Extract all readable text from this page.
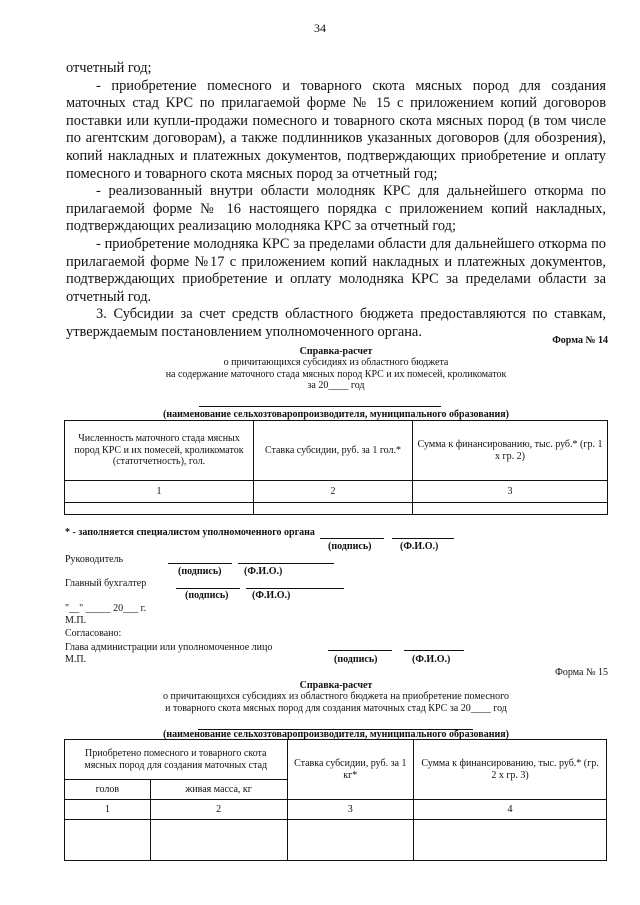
34

отчетный год;

- приобретение помесного и товарного скота мясных пород для создания маточных стад КРС по прилагаемой форме № 15 с приложением копий договоров поставки или купли-продажи помесного и товарного скота мясных пород (в том числе по агентским договорам), а также подлинников указанных договоров (для обозрения), копий накладных и платежных документов, подтверждающих приобретение и оплату помесного и товарного скота мясных пород за отчетный год;

- реализованный внутри области молодняк КРС для дальнейшего откорма по прилагаемой форме № 16 настоящего порядка с приложением копий накладных, подтверждающих реализацию молодняка КРС за отчетный год;

- приобретение молодняка КРС за пределами области для дальнейшего откорма по прилагаемой форме №17 с приложением копий накладных и платежных документов, подтверждающих приобретение и оплату молодняка КРС за пределами области за отчетный год.

3. Субсидии за счет средств областного бюджета предоставляются по ставкам, утверждаемым постановлением уполномоченного органа.

Форма № 14
Справка-расчет
о причитающихся субсидиях из областного бюджета
на содержание маточного стада мясных пород КРС и их помесей, кроликоматок
за 20____ год
(наименование сельхозтоваропроизводителя, муниципального образования)
Численность маточного стада мясных пород КРС и их помесей, кроликоматок (статотчетность), гол.	Ставка субсидии, руб. за 1 гол.*	Сумма к финансированию, тыс. руб.* (гр. 1 х гр. 2)
1	2	3

* - заполняется специалистом уполномоченного органа
(подпись)	(Ф.И.О.)
Руководитель
(подпись) (Ф.И.О.)
Главный бухгалтер
(подпись) (Ф.И.О.)
"__" _____ 20___ г.
М.П.
Согласовано:
Глава администрации или уполномоченное лицо
М.П.	(подпись)	(Ф.И.О.)
Форма № 15
Справка-расчет
о причитающихся субсидиях из областного бюджета на приобретение помесного
и товарного скота мясных пород для создания маточных стад КРС за 20____ год
(наименование сельхозтоваропроизводителя, муниципального образования)
Приобретено помесного и товарного скота мясных пород для создания маточных стад		Ставка субсидии, руб. за 1 кг*	Сумма к финансированию, тыс. руб.* (гр. 2 х гр. 3)
голов	живая масса, кг		
1	2	3	4
